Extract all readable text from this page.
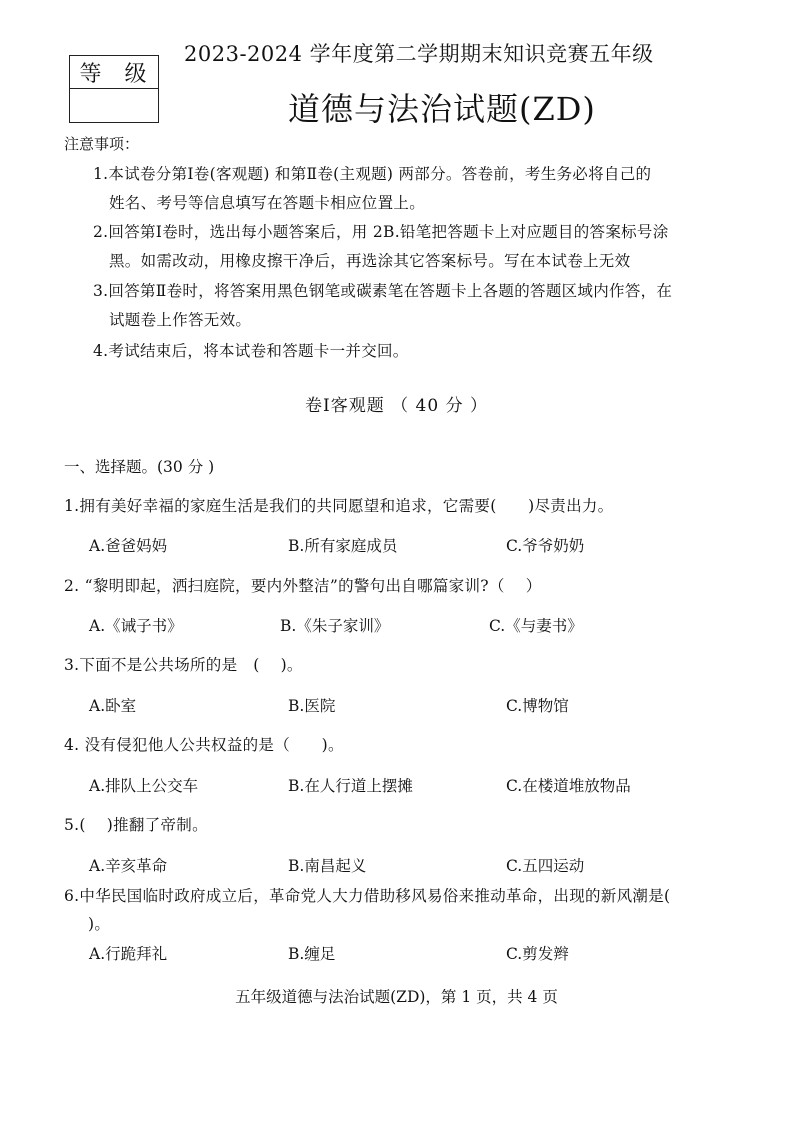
等 级
2023-2024 学年度第二学期期末知识竞赛五年级
道德与法治试题(ZD)
注意事项：
1.本试卷分第Ⅰ卷(客观题) 和第Ⅱ卷(主观题) 两部分。答卷前，考生务必将自己的
姓名、考号等信息填写在答题卡相应位置上。
2.回答第Ⅰ卷时，选出每小题答案后，用 2B.铅笔把答题卡上对应题目的答案标号涂
黑。如需改动，用橡皮擦干净后，再选涂其它答案标号。写在本试卷上无效
3.回答第Ⅱ卷时，将答案用黑色钢笔或碳素笔在答题卡上各题的答题区域内作答，在
试题卷上作答无效。
4.考试结束后，将本试卷和答题卡一并交回。
卷Ⅰ客观题 （ 40 分 ）
一、选择题。(30 分 )
1.拥有美好幸福的家庭生活是我们的共同愿望和追求，它需要(　　)尽责出力。
A.爸爸妈妈	B.所有家庭成员	C.爷爷奶奶
2. “黎明即起，洒扫庭院，要内外整洁”的警句出自哪篇家训?（　 ）
A.《诫子书》	B.《朱子家训》	C.《与妻书》
3.下面不是公共场所的是　(　 )。
A.卧室	B.医院	C.博物馆
4. 没有侵犯他人公共权益的是（　　)。
A.排队上公交车	B.在人行道上摆摊	C.在楼道堆放物品
5.(　 )推翻了帝制。
A.辛亥革命	B.南昌起义	C.五四运动
6.中华民国临时政府成立后，革命党人大力借助移风易俗来推动革命，出现的新风潮是(
)。
A.行跪拜礼	B.缠足	C.剪发辫
五年级道德与法治试题(ZD)，第 1 页，共 4 页
